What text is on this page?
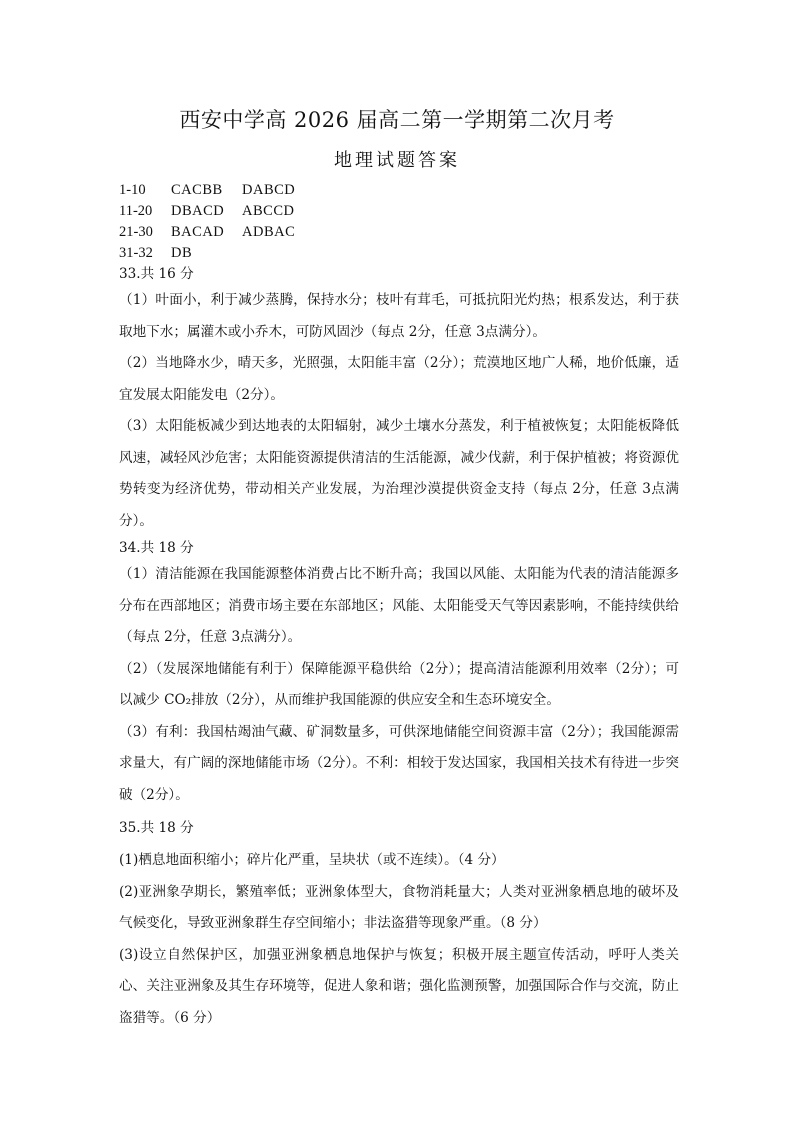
西安中学高 2026 届高二第一学期第二次月考
地理试题答案
1-10	CACBB	DABCD
11-20	DBACD	ABCCD
21-30	BACAD	ADBAC
31-32	DB
33.共 16 分
（1）叶面小，利于减少蒸腾，保持水分；枝叶有茸毛，可抵抗阳光灼热；根系发达，利于获取地下水；属灌木或小乔木，可防风固沙（每点 2分，任意 3点满分）。
（2）当地降水少，晴天多，光照强，太阳能丰富（2分）；荒漠地区地广人稀，地价低廉，适宜发展太阳能发电（2分）。
（3）太阳能板减少到达地表的太阳辐射，减少土壤水分蒸发，利于植被恢复；太阳能板降低风速，减轻风沙危害；太阳能资源提供清洁的生活能源，减少伐薪，利于保护植被；将资源优势转变为经济优势，带动相关产业发展，为治理沙漠提供资金支持（每点 2分，任意 3点满分）。
34.共 18 分
（1）清洁能源在我国能源整体消费占比不断升高；我国以风能、太阳能为代表的清洁能源多分布在西部地区；消费市场主要在东部地区；风能、太阳能受天气等因素影响，不能持续供给（每点 2分，任意 3点满分）。
（2）（发展深地储能有利于）保障能源平稳供给（2分）；提高清洁能源利用效率（2分）；可以减少 CO₂排放（2分），从而维护我国能源的供应安全和生态环境安全。
（3）有利：我国枯竭油气藏、矿洞数量多，可供深地储能空间资源丰富（2分）；我国能源需求量大，有广阔的深地储能市场（2分）。不利：相较于发达国家，我国相关技术有待进一步突破（2分）。
35.共 18 分
(1)栖息地面积缩小；碎片化严重，呈块状（或不连续）。（4 分）
(2)亚洲象孕期长，繁殖率低；亚洲象体型大，食物消耗量大；人类对亚洲象栖息地的破坏及气候变化，导致亚洲象群生存空间缩小；非法盗猎等现象严重。（8 分）
(3)设立自然保护区，加强亚洲象栖息地保护与恢复；积极开展主题宣传活动，呼吁人类关心、关注亚洲象及其生存环境等，促进人象和谐；强化监测预警，加强国际合作与交流，防止盗猎等。（6 分）
